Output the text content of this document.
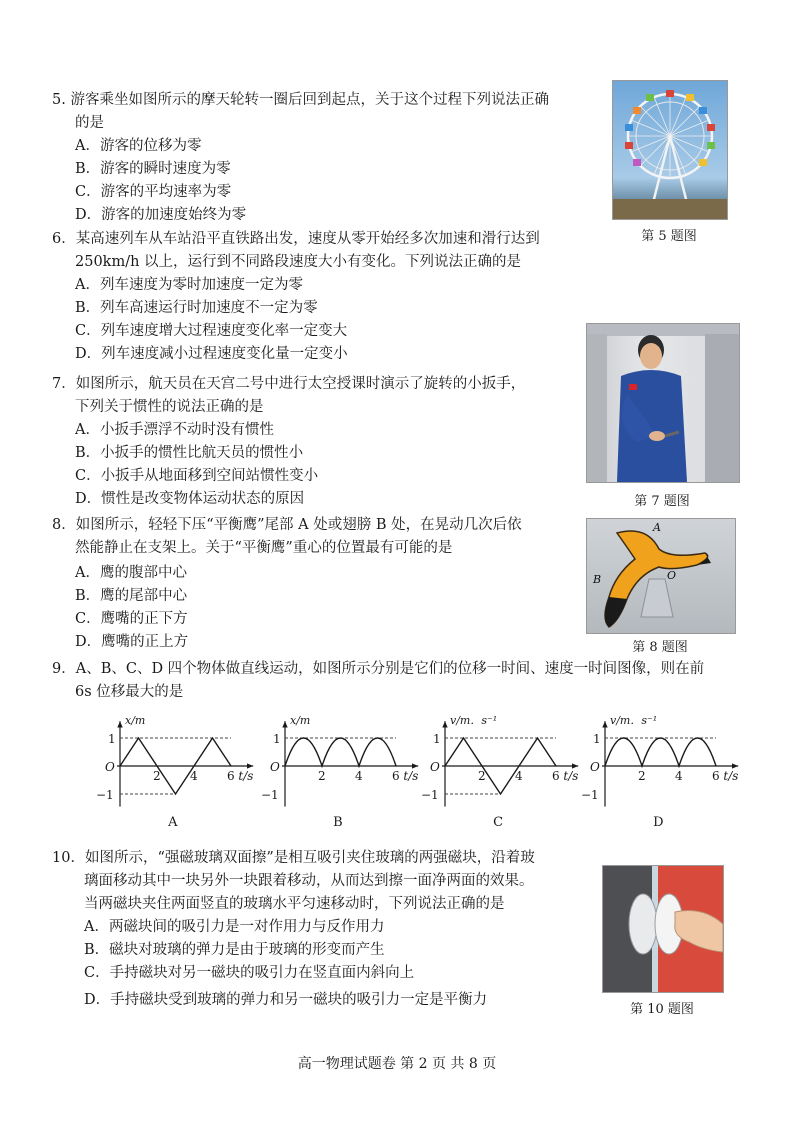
5. 游客乘坐如图所示的摩天轮转一圈后回到起点，关于这个过程下列说法正确
的是
A．游客的位移为零
B．游客的瞬时速度为零
C．游客的平均速率为零
D．游客的加速度始终为零
第 5 题图
6．某高速列车从车站沿平直铁路出发，速度从零开始经多次加速和滑行达到
250km/h 以上，运行到不同路段速度大小有变化。下列说法正确的是
A．列车速度为零时加速度一定为零
B．列车高速运行时加速度不一定为零
C．列车速度增大过程速度变化率一定变大
D．列车速度减小过程速度变化量一定变小
第 7 题图
7．如图所示，航天员在天宫二号中进行太空授课时演示了旋转的小扳手，
下列关于惯性的说法正确的是
A．小扳手漂浮不动时没有惯性
B．小扳手的惯性比航天员的惯性小
C．小扳手从地面移到空间站惯性变小
D．惯性是改变物体运动状态的原因
8．如图所示，轻轻下压“平衡鹰”尾部 A 处或翅膀 B 处，在晃动几次后依
然能静止在支架上。关于“平衡鹰”重心的位置最有可能的是
A．鹰的腹部中心
B．鹰的尾部中心
C．鹰嘴的正下方
D．鹰嘴的正上方
A
B	O
第 8 题图
9．A、B、C、D 四个物体做直线运动，如图所示分别是它们的位移一时间、速度一时间图像，则在前
6s 位移最大的是
x/m
t/s
1
O
−1
2 4 6
A
x/m
t/s
1
O
−1
2 4 6
B
v/m．s⁻¹
t/s
1
O
−1
2 4 6
C
v/m．s⁻¹
t/s
1
O
−1
2 4 6
D
10．如图所示，“强磁玻璃双面擦”是相互吸引夹住玻璃的两强磁块，沿着玻
璃面移动其中一块另外一块跟着移动，从而达到擦一面净两面的效果。
当两磁块夹住两面竖直的玻璃水平匀速移动时，下列说法正确的是
A．两磁块间的吸引力是一对作用力与反作用力
B．磁块对玻璃的弹力是由于玻璃的形变而产生
C．手持磁块对另一磁块的吸引力在竖直面内斜向上
D．手持磁块受到玻璃的弹力和另一磁块的吸引力一定是平衡力
第 10 题图
高一物理试题卷 第 2 页 共 8 页
